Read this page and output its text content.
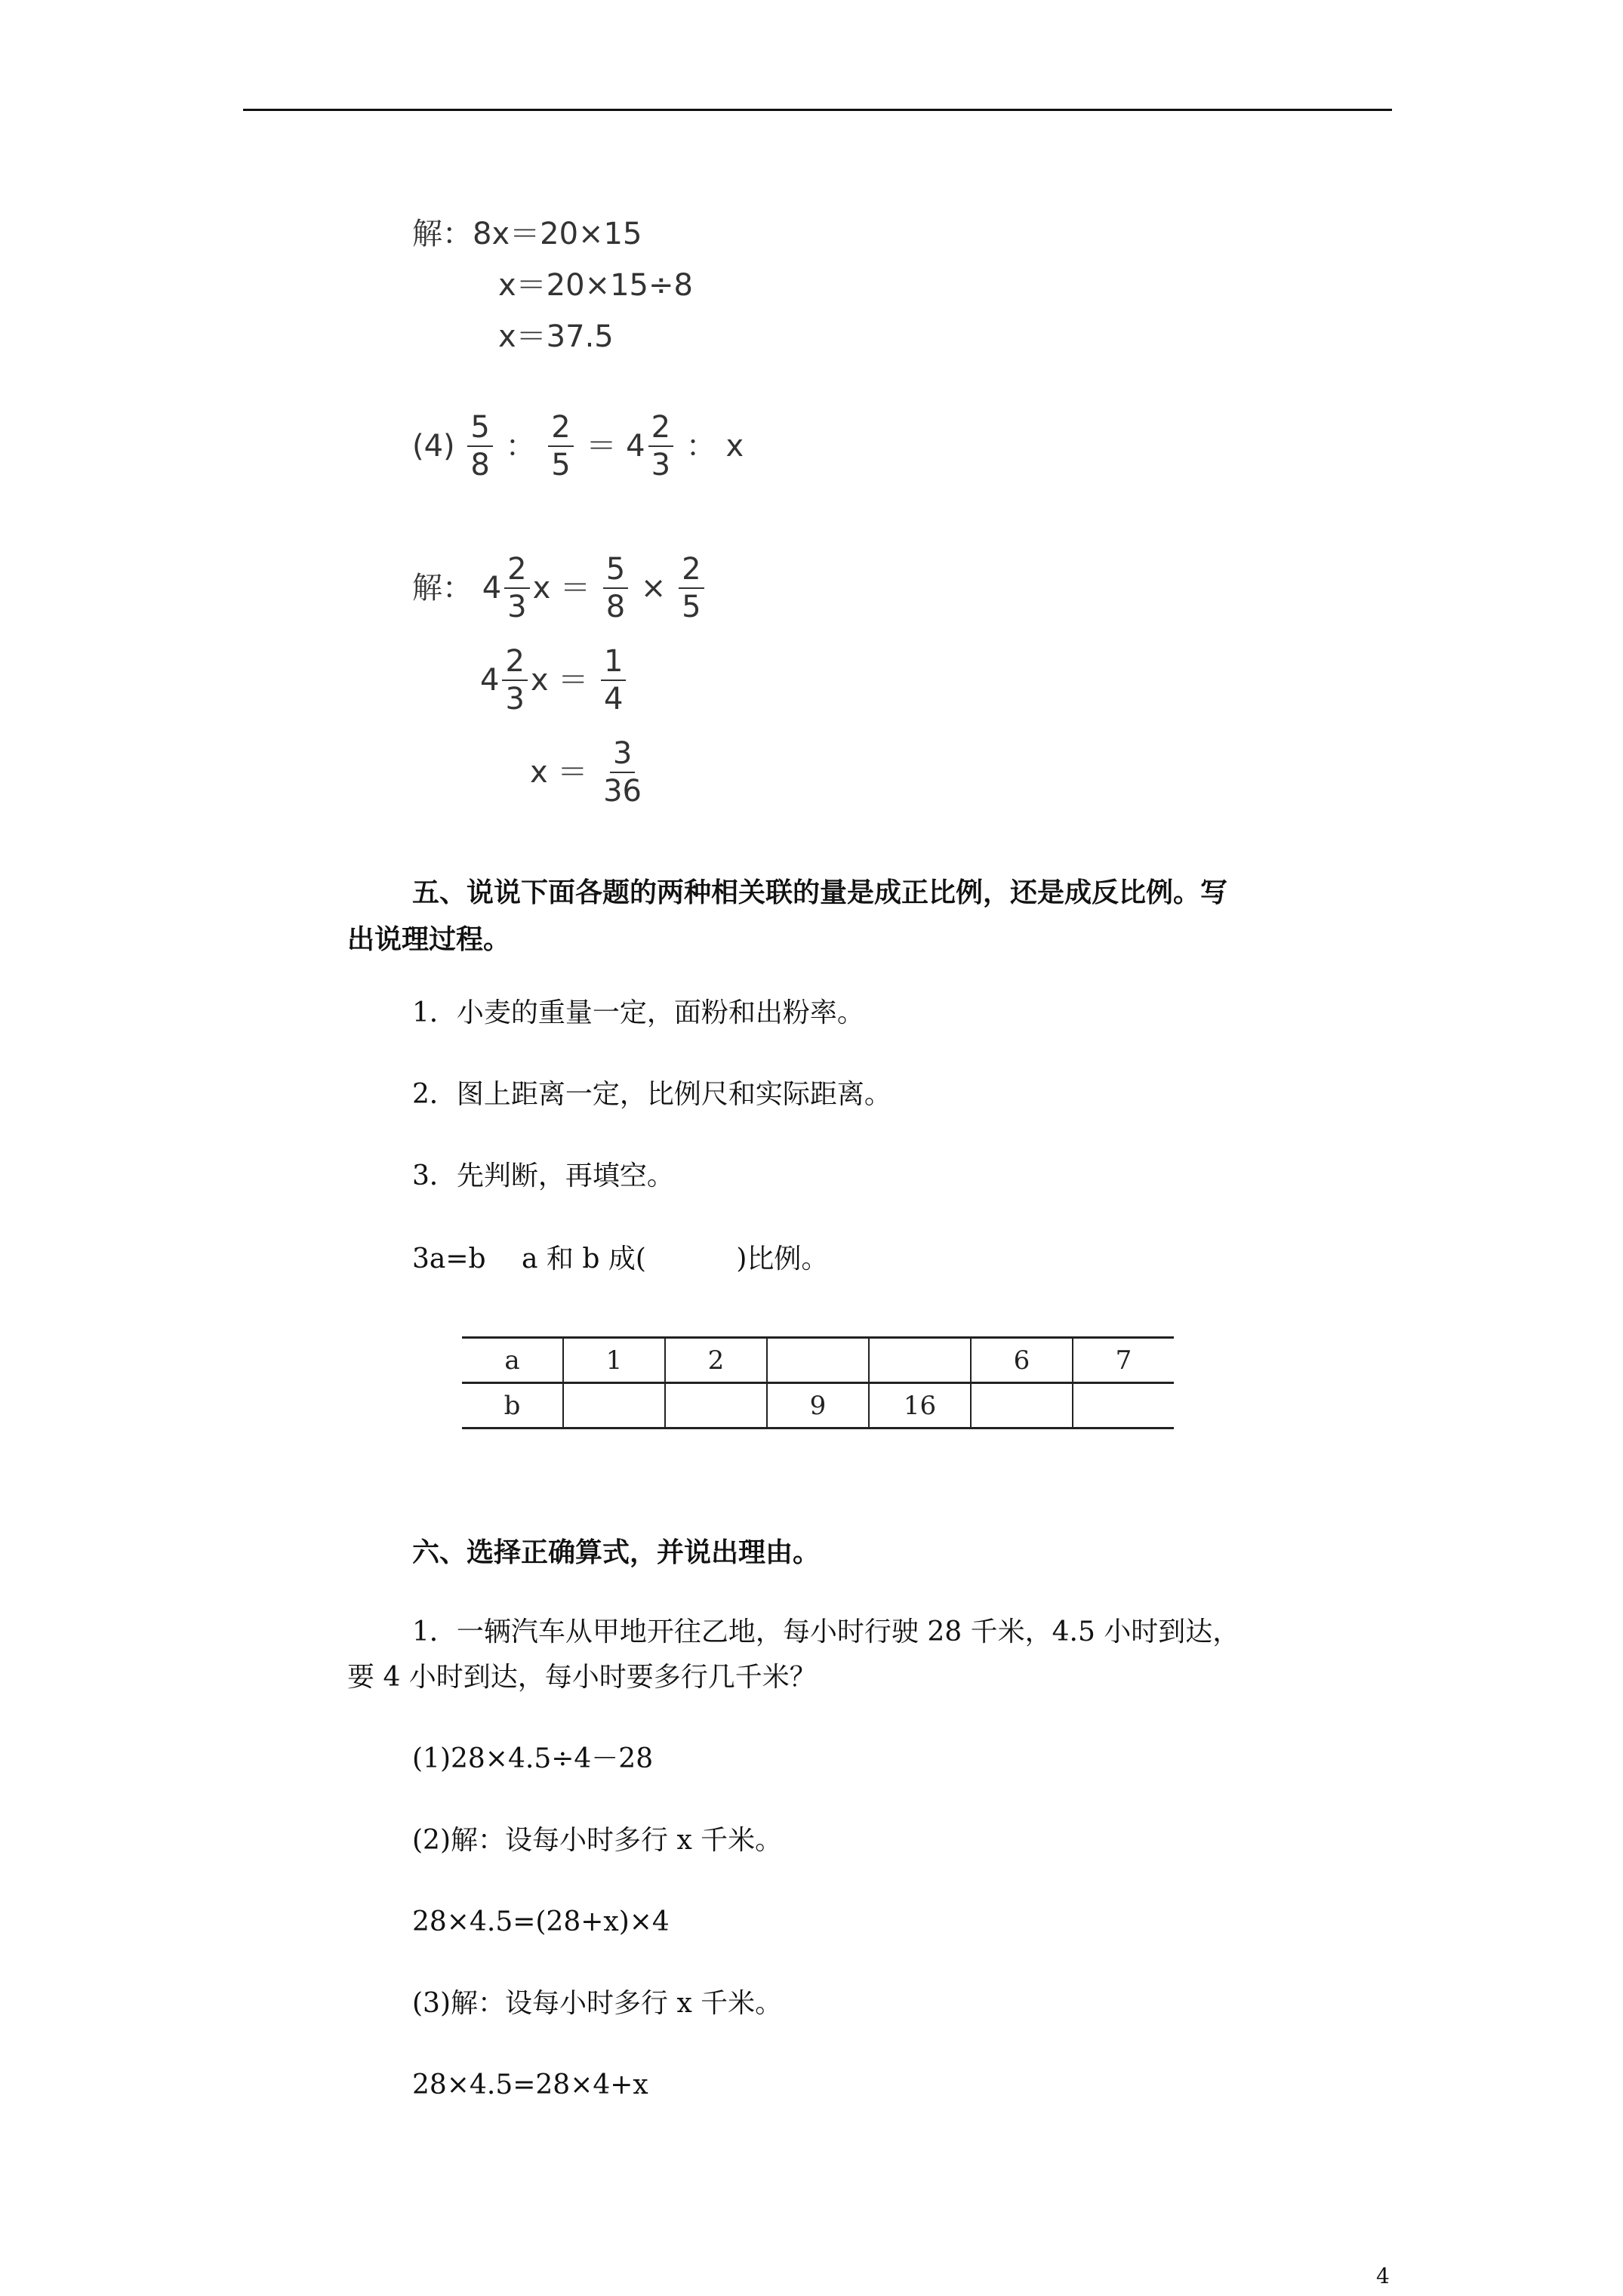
解：8x＝20×15
x＝20×15÷8
x＝37.5
$(4) \frac{5}{8}$ ： $\frac{2}{5} = 4 \frac{2}{3}$ ： x
解： $4 \frac{2}{3}$ $x = \frac{5}{8} \times \frac{2}{5}$
$4 \frac{2}{3}$ $x = \frac{1}{4}$
$x = \frac{3}{36}$
五、说说下面各题的两种相关联的量是成正比例，还是成反比例。写
出说理过程。
1．小麦的重量一定，面粉和出粉率。
2．图上距离一定，比例尺和实际距离。
3．先判断，再填空。
3a=b　 a 和 b 成(　　　 )比例。
a	1	2			6	7
b			9	16		
六、选择正确算式，并说出理由。
1．一辆汽车从甲地开往乙地，每小时行驶 28 千米，4.5 小时到达，
要 4 小时到达，每小时要多行几千米？
(1)28×4.5÷4－28
(2)解：设每小时多行 x 千米。
28×4.5=(28+x)×4
(3)解：设每小时多行 x 千米。
28×4.5=28×4+x
4
